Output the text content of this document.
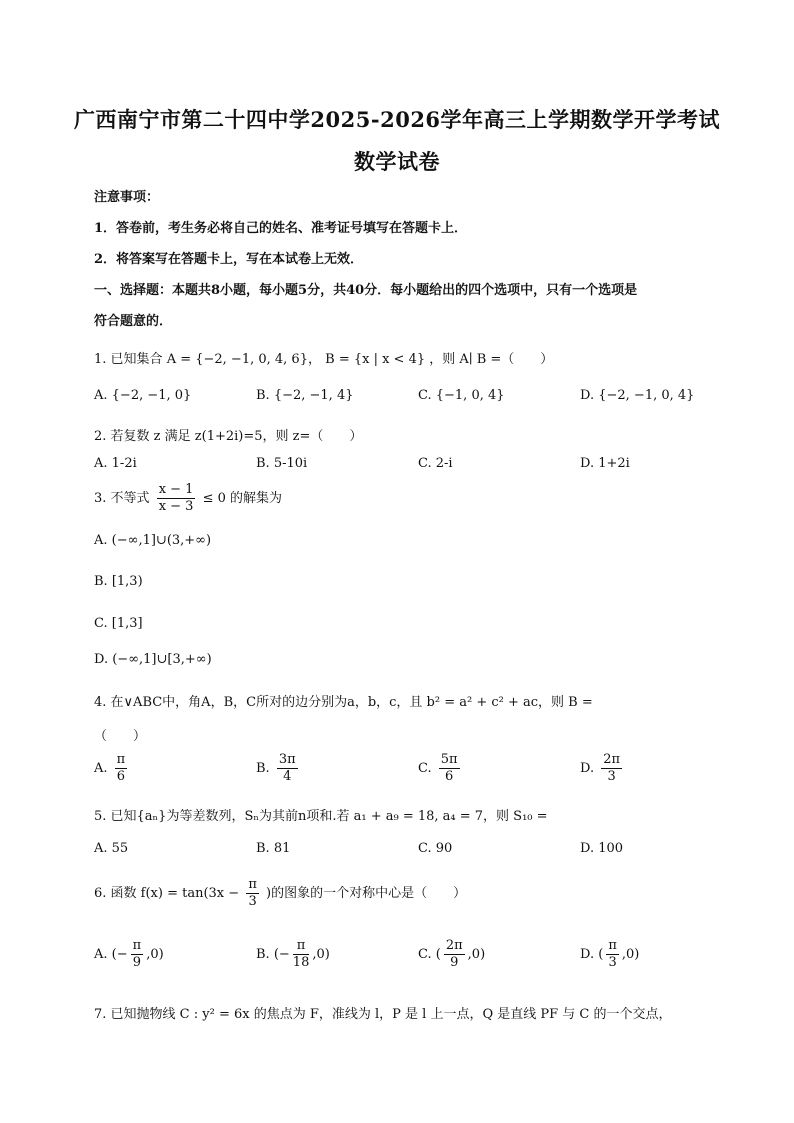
广西南宁市第二十四中学2025-2026学年高三上学期数学开学考试
数学试卷
注意事项：
1．答卷前，考生务必将自己的姓名、准考证号填写在答题卡上．
2．将答案写在答题卡上，写在本试卷上无效．
一、选择题：本题共8小题，每小题5分，共40分．每小题给出的四个选项中，只有一个选项是
符合题意的．
1. 已知集合 A = {−2, −1, 0, 4, 6}， B = {x | x < 4} ，则 A∣ B =（　　）
A. {−2, −1, 0}	B. {−2, −1, 4}	C. {−1, 0, 4}	D. {−2, −1, 0, 4}
2. 若复数 z 满足 z(1+2i)=5，则 z=（　　）
A. 1-2i	B. 5-10i	C. 2-i	D. 1+2i
3. 不等式 $\frac{x - 1}{x - 3} \le 0$ 的解集为
A. (−∞,1]∪(3,+∞)
B. [1,3)
C. [1,3]
D. (−∞,1]∪[3,+∞)
4. 在∨ABC中，角A，B，C所对的边分别为a，b，c，且 b² = a² + c² + ac，则 B =
（　　）
A. $\frac{\pi}{6}$	B. $\frac{3\pi}{4}$	C. $\frac{5\pi}{6}$	D. $\frac{2\pi}{3}$
5. 已知{aₙ}为等差数列，Sₙ为其前n项和.若 a₁ + a₉ = 18, a₄ = 7，则 S₁₀ =
A. 55	B. 81	C. 90	D. 100
6. 函数 $f(x) = \tan(3x - \frac{\pi}{3}$ )的图象的一个对称中心是（　　）
A. (− $\frac{\pi}{9} ,0$)	B. (− $\frac{\pi}{18} ,0$)	C. ( $\frac{2\pi}{9} ,0$)	D. ( $\frac{\pi}{3} ,0$)
7. 已知抛物线 C : y² = 6x 的焦点为 F，准线为 l，P 是 l 上一点，Q 是直线 PF 与 C 的一个交点，
